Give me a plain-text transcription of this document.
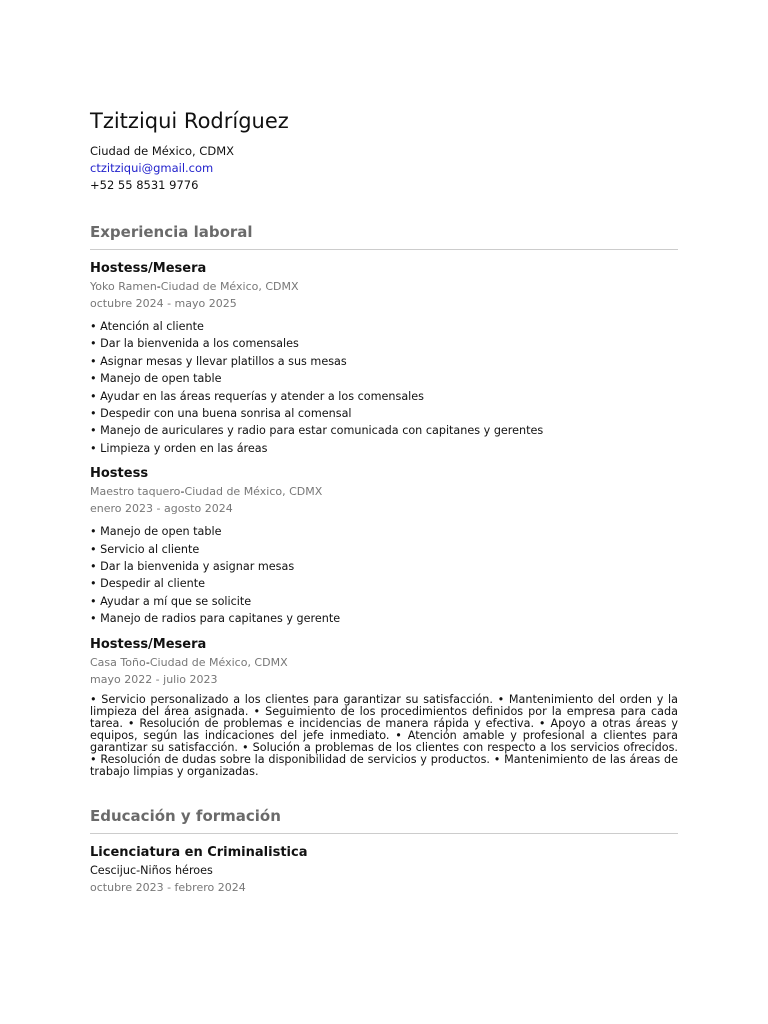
Tzitziqui Rodríguez
Ciudad de México, CDMX
ctzitziqui@gmail.com
+52 55 8531 9776
Experiencia laboral
Hostess/Mesera
Yoko Ramen-Ciudad de México, CDMX
octubre 2024 - mayo 2025
• Atención al cliente
• Dar la bienvenida a los comensales
• Asignar mesas y llevar platillos a sus mesas
• Manejo de open table
• Ayudar en las áreas requerías y atender a los comensales
• Despedir con una buena sonrisa al comensal
• Manejo de auriculares y radio para estar comunicada con capitanes y gerentes
• Limpieza y orden en las áreas
Hostess
Maestro taquero-Ciudad de México, CDMX
enero 2023 - agosto 2024
• Manejo de open table
• Servicio al cliente
• Dar la bienvenida y asignar mesas
• Despedir al cliente
• Ayudar a mí que se solicite
• Manejo de radios para capitanes y gerente
Hostess/Mesera
Casa Toño-Ciudad de México, CDMX
mayo 2022 - julio 2023

• Servicio personalizado a los clientes para garantizar su satisfacción. • Mantenimiento del orden y la limpieza del área asignada. • Seguimiento de los procedimientos definidos por la empresa para cada tarea. • Resolución de problemas e incidencias de manera rápida y efectiva. • Apoyo a otras áreas y equipos, según las indicaciones del jefe inmediato. • Atención amable y profesional a clientes para garantizar su satisfacción. • Solución a problemas de los clientes con respecto a los servicios ofrecidos. • Resolución de dudas sobre la disponibilidad de servicios y productos. • Mantenimiento de las áreas de trabajo limpias y organizadas.

Educación y formación
Licenciatura en Criminalistica
Cescijuc-Niños héroes
octubre 2023 - febrero 2024
